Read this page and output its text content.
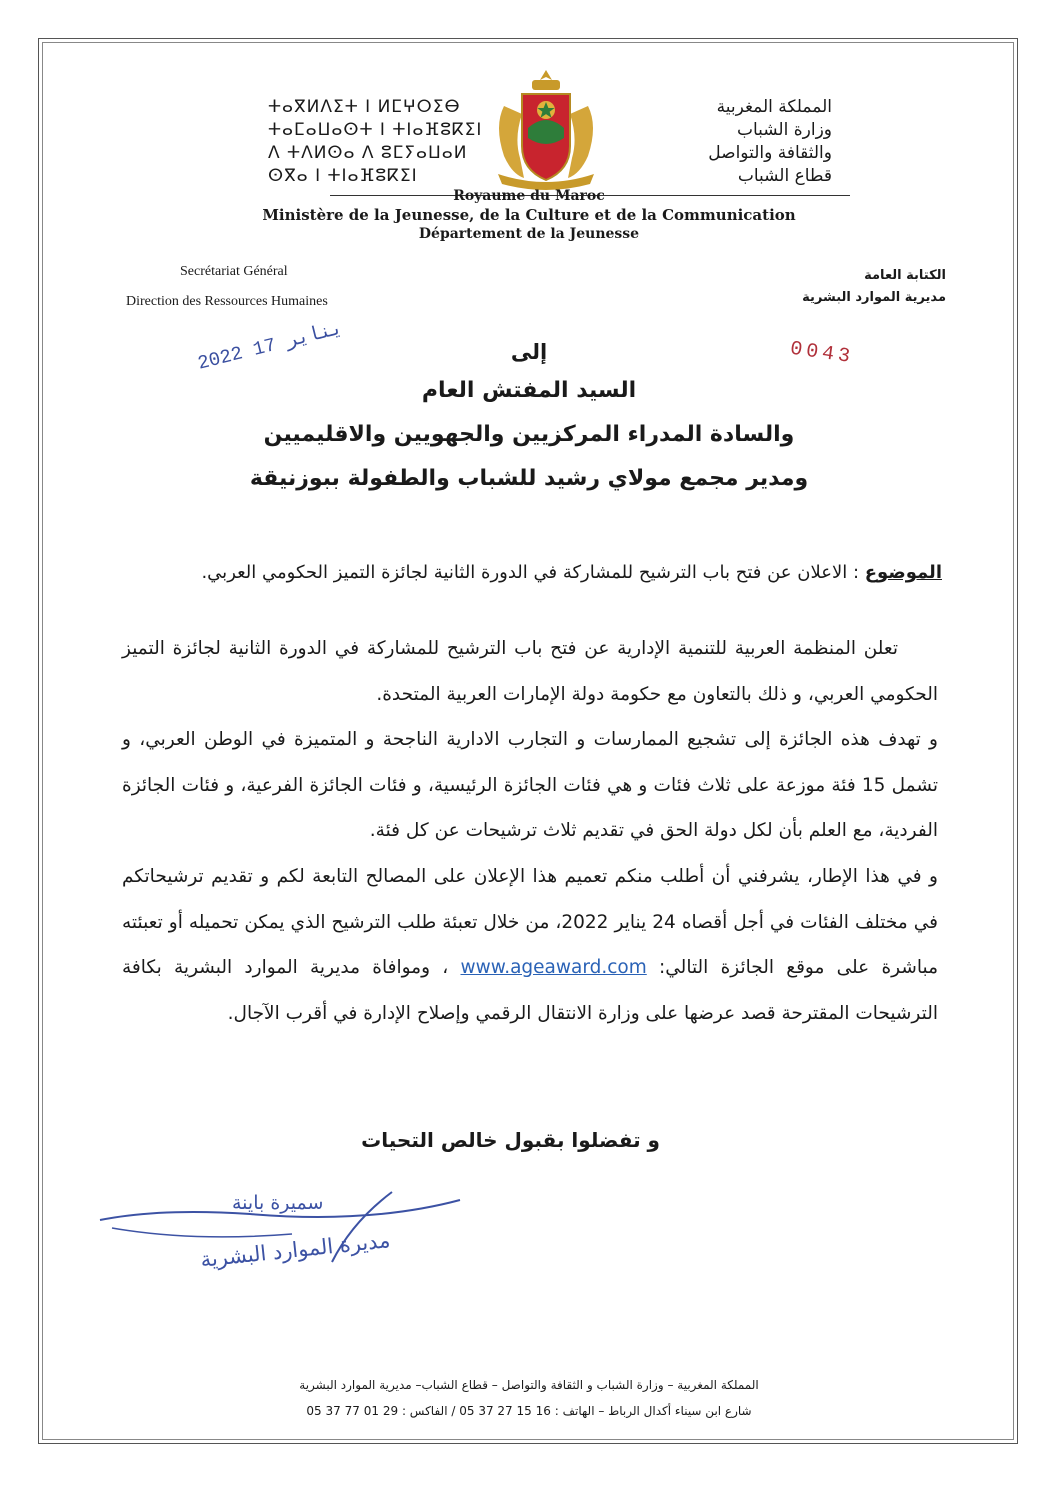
ⵜⴰⴳⵍⴷⵉⵜ ⵏ ⵍⵎⵖⵔⵉⴱ
ⵜⴰⵎⴰⵡⴰⵙⵜ ⵏ ⵜⵏⴰⴼⵓⴽⵉⵏ
ⴷ ⵜⴷⵍⵙⴰ ⴷ ⵓⵎⵢⴰⵡⴰⵍ
ⵙⴳⴰ ⵏ ⵜⵏⴰⴼⵓⴽⵉⵏ
المملكة المغربية
وزارة الشباب
والثقافة والتواصل
قطاع الشباب
Royaume du Maroc
Ministère de la Jeunesse, de la Culture et de la Communication
Département de la Jeunesse
Secrétariat Général
Direction des Ressources Humaines
الكتابة العامة
مديرية الموارد البشرية
2022 يناير 17	0043
إلى
السيد المفتش العام
والسادة المدراء المركزيين والجهويين والاقليميين
ومدير مجمع مولاي رشيد للشباب والطفولة ببوزنيقة
الموضوع : الاعلان عن فتح باب الترشيح للمشاركة في الدورة الثانية لجائزة التميز الحكومي العربي.

تعلن المنظمة العربية للتنمية الإدارية عن فتح باب الترشيح للمشاركة في الدورة الثانية لجائزة التميز الحكومي العربي، و ذلك بالتعاون مع حكومة دولة الإمارات العربية المتحدة.

و تهدف هذه الجائزة إلى تشجيع الممارسات و التجارب الادارية الناجحة و المتميزة في الوطن العربي، و تشمل 15 فئة موزعة على ثلاث فئات و هي فئات الجائزة الرئيسية، و فئات الجائزة الفرعية، و فئات الجائزة الفردية، مع العلم بأن لكل دولة الحق في تقديم ثلاث ترشيحات عن كل فئة.

و في هذا الإطار، يشرفني أن أطلب منكم تعميم هذا الإعلان على المصالح التابعة لكم و تقديم ترشيحاتكم في مختلف الفئات في أجل أقصاه 24 يناير 2022، من خلال تعبئة طلب الترشيح الذي يمكن تحميله أو تعبئته مباشرة على موقع الجائزة التالي: www.ageaward.com ، وموافاة مديرية الموارد البشرية بكافة الترشيحات المقترحة قصد عرضها على وزارة الانتقال الرقمي وإصلاح الإدارة في أقرب الآجال.

و تفضلوا بقبول خالص التحيات
سميرة باينة
مديرة الموارد البشرية
المملكة المغربية – وزارة الشباب و الثقافة والتواصل – قطاع الشباب– مديرية الموارد البشرية
شارع ابن سيناء أكدال الرباط – الهاتف : 16 15 27 37 05 / الفاكس : 29 01 77 37 05
